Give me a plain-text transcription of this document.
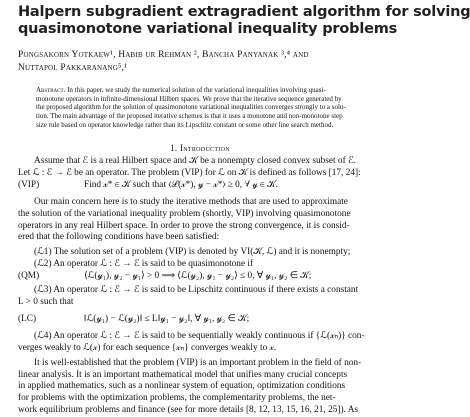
Halpern subgradient extragradient algorithm for solving
quasimonotone variational inequality problems
Pongsakorn Yotkaew¹, Habib ur Rehman ², Bancha Panyanak ³,⁴ and
Nuttapol Pakkaranang⁵,¹
Abstract. In this paper, we study the numerical solution of the variational inequalities involving quasi-
monotone operators in infinite-dimensional Hilbert spaces. We prove that the iterative sequence generated by
the proposed algorithm for the solution of quasimonotone variational inequalities converges strongly to a solu-
tion. The main advantage of the proposed iterative schemes is that it uses a monotone and non-monotone step
size rule based on operator knowledge rather than its Lipschitz constant or some other line search method.
1. Introduction
Assume that ℰ is a real Hilbert space and 𝒦 be a nonempty closed convex subset of ℰ.
Let ℒ : ℰ → ℰ be an operator. The problem (VIP) for ℒ on 𝒦 is defined as follows [17, 24]:
(VIP)	Find 𝓍* ∈ 𝒦 such that ⟨ℒ(𝓍*), 𝓎 − 𝓍*⟩ ≥ 0, ∀ 𝓎 ∈ 𝒦.
Our main concern here is to study the iterative methods that are used to approximate
the solution of the variational inequality problem (shortly, VIP) involving quasimonotone
operators in any real Hilbert space. In order to prove the strong convergence, it is consid-
ered that the following conditions have been satisfied:
(ℒ1) The solution set of a problem (VIP) is denoted by VI(𝒦, ℒ) and it is nonempty;
(ℒ2) An operator ℒ : ℰ → ℰ is said to be quasimonotone if
(QM)	⟨ℒ(𝓎₁), 𝓎₂ − 𝓎₁⟩ > 0 ⟹ ⟨ℒ(𝓎₂), 𝓎₁ − 𝓎₂⟩ ≤ 0, ∀ 𝓎₁, 𝓎₂ ∈ 𝒦;
(ℒ3) An operator ℒ : ℰ → ℰ is said to be Lipschitz continuous if there exists a constant
L > 0 such that
(LC)	‖ℒ(𝓎₁) − ℒ(𝓎₂)‖ ≤ L‖𝓎₁ − 𝓎₂‖, ∀ 𝓎₁, 𝓎₂ ∈ 𝒦;
(ℒ4) An operator ℒ : ℰ → ℰ is said to be sequentially weakly continuous if {ℒ(𝓍ₙ)} con-
verges weakly to ℒ(𝓍) for each sequence {𝓍ₙ} converges weakly to 𝓍.
It is well-established that the problem (VIP) is an important problem in the field of non-
linear analysis. It is an important mathematical model that unifies many crucial concepts
in applied mathematics, such as a nonlinear system of equation, optimization conditions
for problems with the optimization problems, the complementarity problems, the net-
work equilibrium problems and finance (see for more details [8, 12, 13, 15, 16, 21, 25]). As
